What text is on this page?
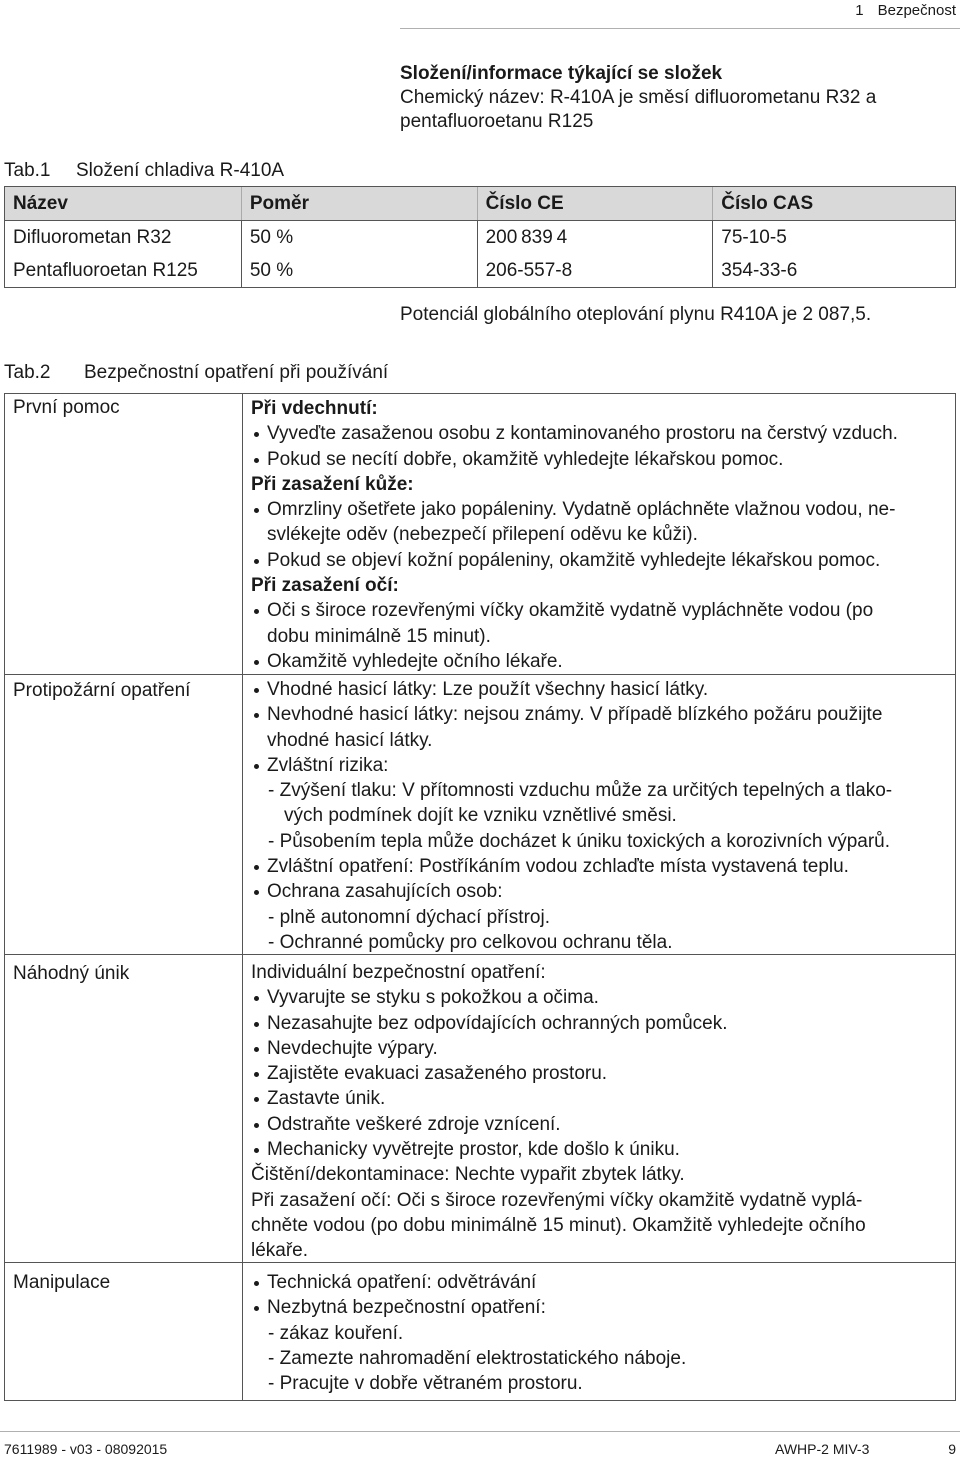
1 Bezpečnost
Složení/informace týkající se složek
Chemický název: R-410A je směsí difluorometanu R32 a
pentafluoroetanu R125
Tab.1 Složení chladiva R-410A
Název	Poměr	Číslo CE	Číslo CAS
Difluorometan R32	50 %	200 839 4	75-10-5
Pentafluoroetan R125	50 %	206-557-8	354-33-6
Potenciál globálního oteplování plynu R410A je 2 087,5.
Tab.2 Bezpečnostní opatření při používání
První pomoc	Při vdechnutí:
Vyveďte zasaženou osobu z kontaminovaného prostoru na čerstvý vzduch.
Pokud se necítí dobře, okamžitě vyhledejte lékařskou pomoc.
Při zasažení kůže:
Omrzliny ošetřete jako popáleniny. Vydatně opláchněte vlažnou vodou, ne-
svlékejte oděv (nebezpečí přilepení oděvu ke kůži).
Pokud se objeví kožní popáleniny, okamžitě vyhledejte lékařskou pomoc.
Při zasažení očí:
Oči s široce rozevřenými víčky okamžitě vydatně vypláchněte vodou (po
dobu minimálně 15 minut).
Okamžitě vyhledejte očního lékaře.
Protipožární opatření	Vhodné hasicí látky: Lze použít všechny hasicí látky.
Nevhodné hasicí látky: nejsou známy. V případě blízkého požáru použijte
vhodné hasicí látky.
Zvláštní rizika:
- Zvýšení tlaku: V přítomnosti vzduchu může za určitých tepelných a tlako-
vých podmínek dojít ke vzniku vznětlivé směsi.
- Působením tepla může docházet k úniku toxických a korozivních výparů.
Zvláštní opatření: Postříkáním vodou zchlaďte místa vystavená teplu.
Ochrana zasahujících osob:
- plně autonomní dýchací přístroj.
- Ochranné pomůcky pro celkovou ochranu těla.
Náhodný únik	Individuální bezpečnostní opatření:
Vyvarujte se styku s pokožkou a očima.
Nezasahujte bez odpovídajících ochranných pomůcek.
Nevdechujte výpary.
Zajistěte evakuaci zasaženého prostoru.
Zastavte únik.
Odstraňte veškeré zdroje vznícení.
Mechanicky vyvětrejte prostor, kde došlo k úniku.
Čištění/dekontaminace: Nechte vypařit zbytek látky.
Při zasažení očí: Oči s široce rozevřenými víčky okamžitě vydatně vyplá-
chněte vodou (po dobu minimálně 15 minut). Okamžitě vyhledejte očního
lékaře.
Manipulace	Technická opatření: odvětrávání
Nezbytná bezpečnostní opatření:
- zákaz kouření.
- Zamezte nahromadění elektrostatického náboje.
- Pracujte v dobře větraném prostoru.
7611989 - v03 - 08092015	AWHP-2 MIV-3	9
